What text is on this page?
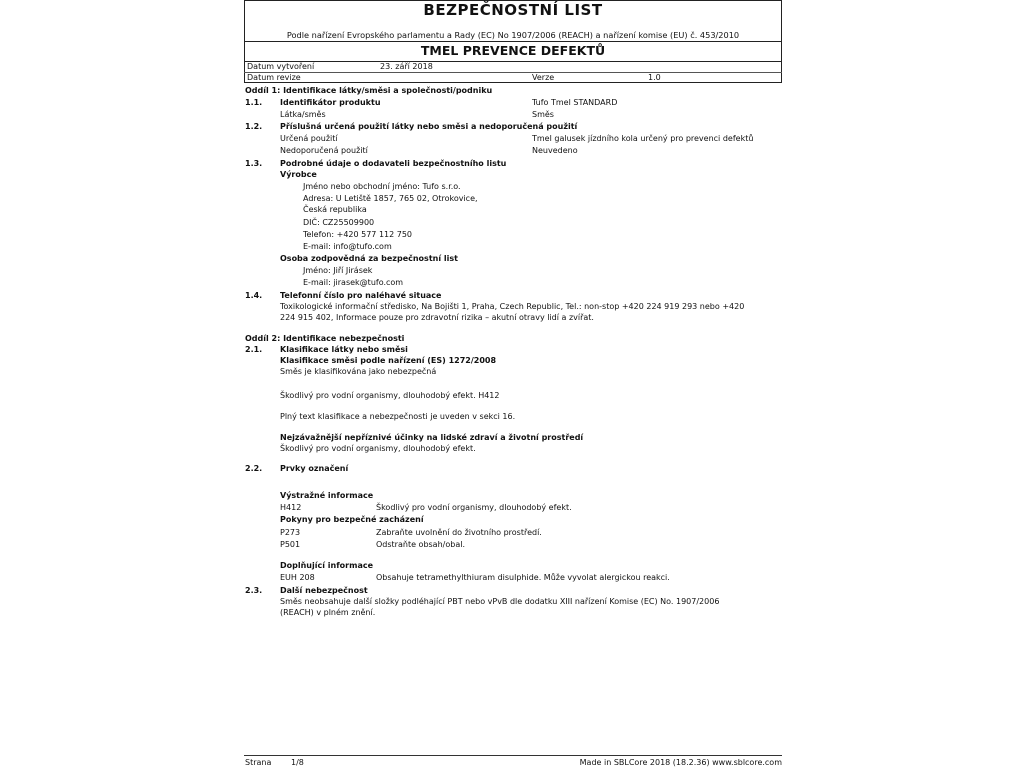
BEZPEČNOSTNÍ LIST
Podle nařízení Evropského parlamentu a Rady (EC) No 1907/2006 (REACH) a nařízení komise (EU) č. 453/2010
TMEL PREVENCE DEFEKTŮ
Datum vytvoření	23. září 2018
Datum revize	Verze	1.0
Oddíl 1: Identifikace látky/směsi a společnosti/podniku
1.1. Identifikátor produktu	Tufo Tmel STANDARD
Látka/směs	Směs
1.2. Příslušná určená použití látky nebo směsi a nedoporučená použití
Určená použití	Tmel galusek jízdního kola určený pro prevenci defektů
Nedoporučená použití	Neuvedeno
1.3. Podrobné údaje o dodavateli bezpečnostního listu
Výrobce
Jméno nebo obchodní jméno: Tufo s.r.o.
Adresa: U Letiště 1857, 765 02, Otrokovice,
Česká republika
DIČ: CZ25509900
Telefon: +420 577 112 750
E-mail: info@tufo.com
Osoba zodpovědná za bezpečnostní list
Jméno: Jiří Jirásek
E-mail: jirasek@tufo.com
1.4. Telefonní číslo pro naléhavé situace
Toxikologické informační středisko, Na Bojišti 1, Praha, Czech Republic, Tel.: non-stop +420 224 919 293 nebo +420
224 915 402, Informace pouze pro zdravotní rizika – akutní otravy lidí a zvířat.
Oddíl 2: Identifikace nebezpečnosti
2.1. Klasifikace látky nebo směsi
Klasifikace směsi podle nařízení (ES) 1272/2008
Směs je klasifikována jako nebezpečná
Škodlivý pro vodní organismy, dlouhodobý efekt. H412
Plný text klasifikace a nebezpečnosti je uveden v sekci 16.
Nejzávažnější nepříznivé účinky na lidské zdraví a životní prostředí
Škodlivý pro vodní organismy, dlouhodobý efekt.
2.2. Prvky označení
Výstražné informace
H412	Škodlivý pro vodní organismy, dlouhodobý efekt.
Pokyny pro bezpečné zacházení
P273	Zabraňte uvolnění do životního prostředí.
P501	Odstraňte obsah/obal.
Doplňující informace
EUH 208	Obsahuje tetramethylthiuram disulphide. Může vyvolat alergickou reakci.
2.3. Další nebezpečnost
Směs neobsahuje další složky podléhající PBT nebo vPvB dle dodatku XIII nařízení Komise (EC) No. 1907/2006
(REACH) v plném znění.
Strana 1/8	Made in SBLCore 2018 (18.2.36) www.sblcore.com
